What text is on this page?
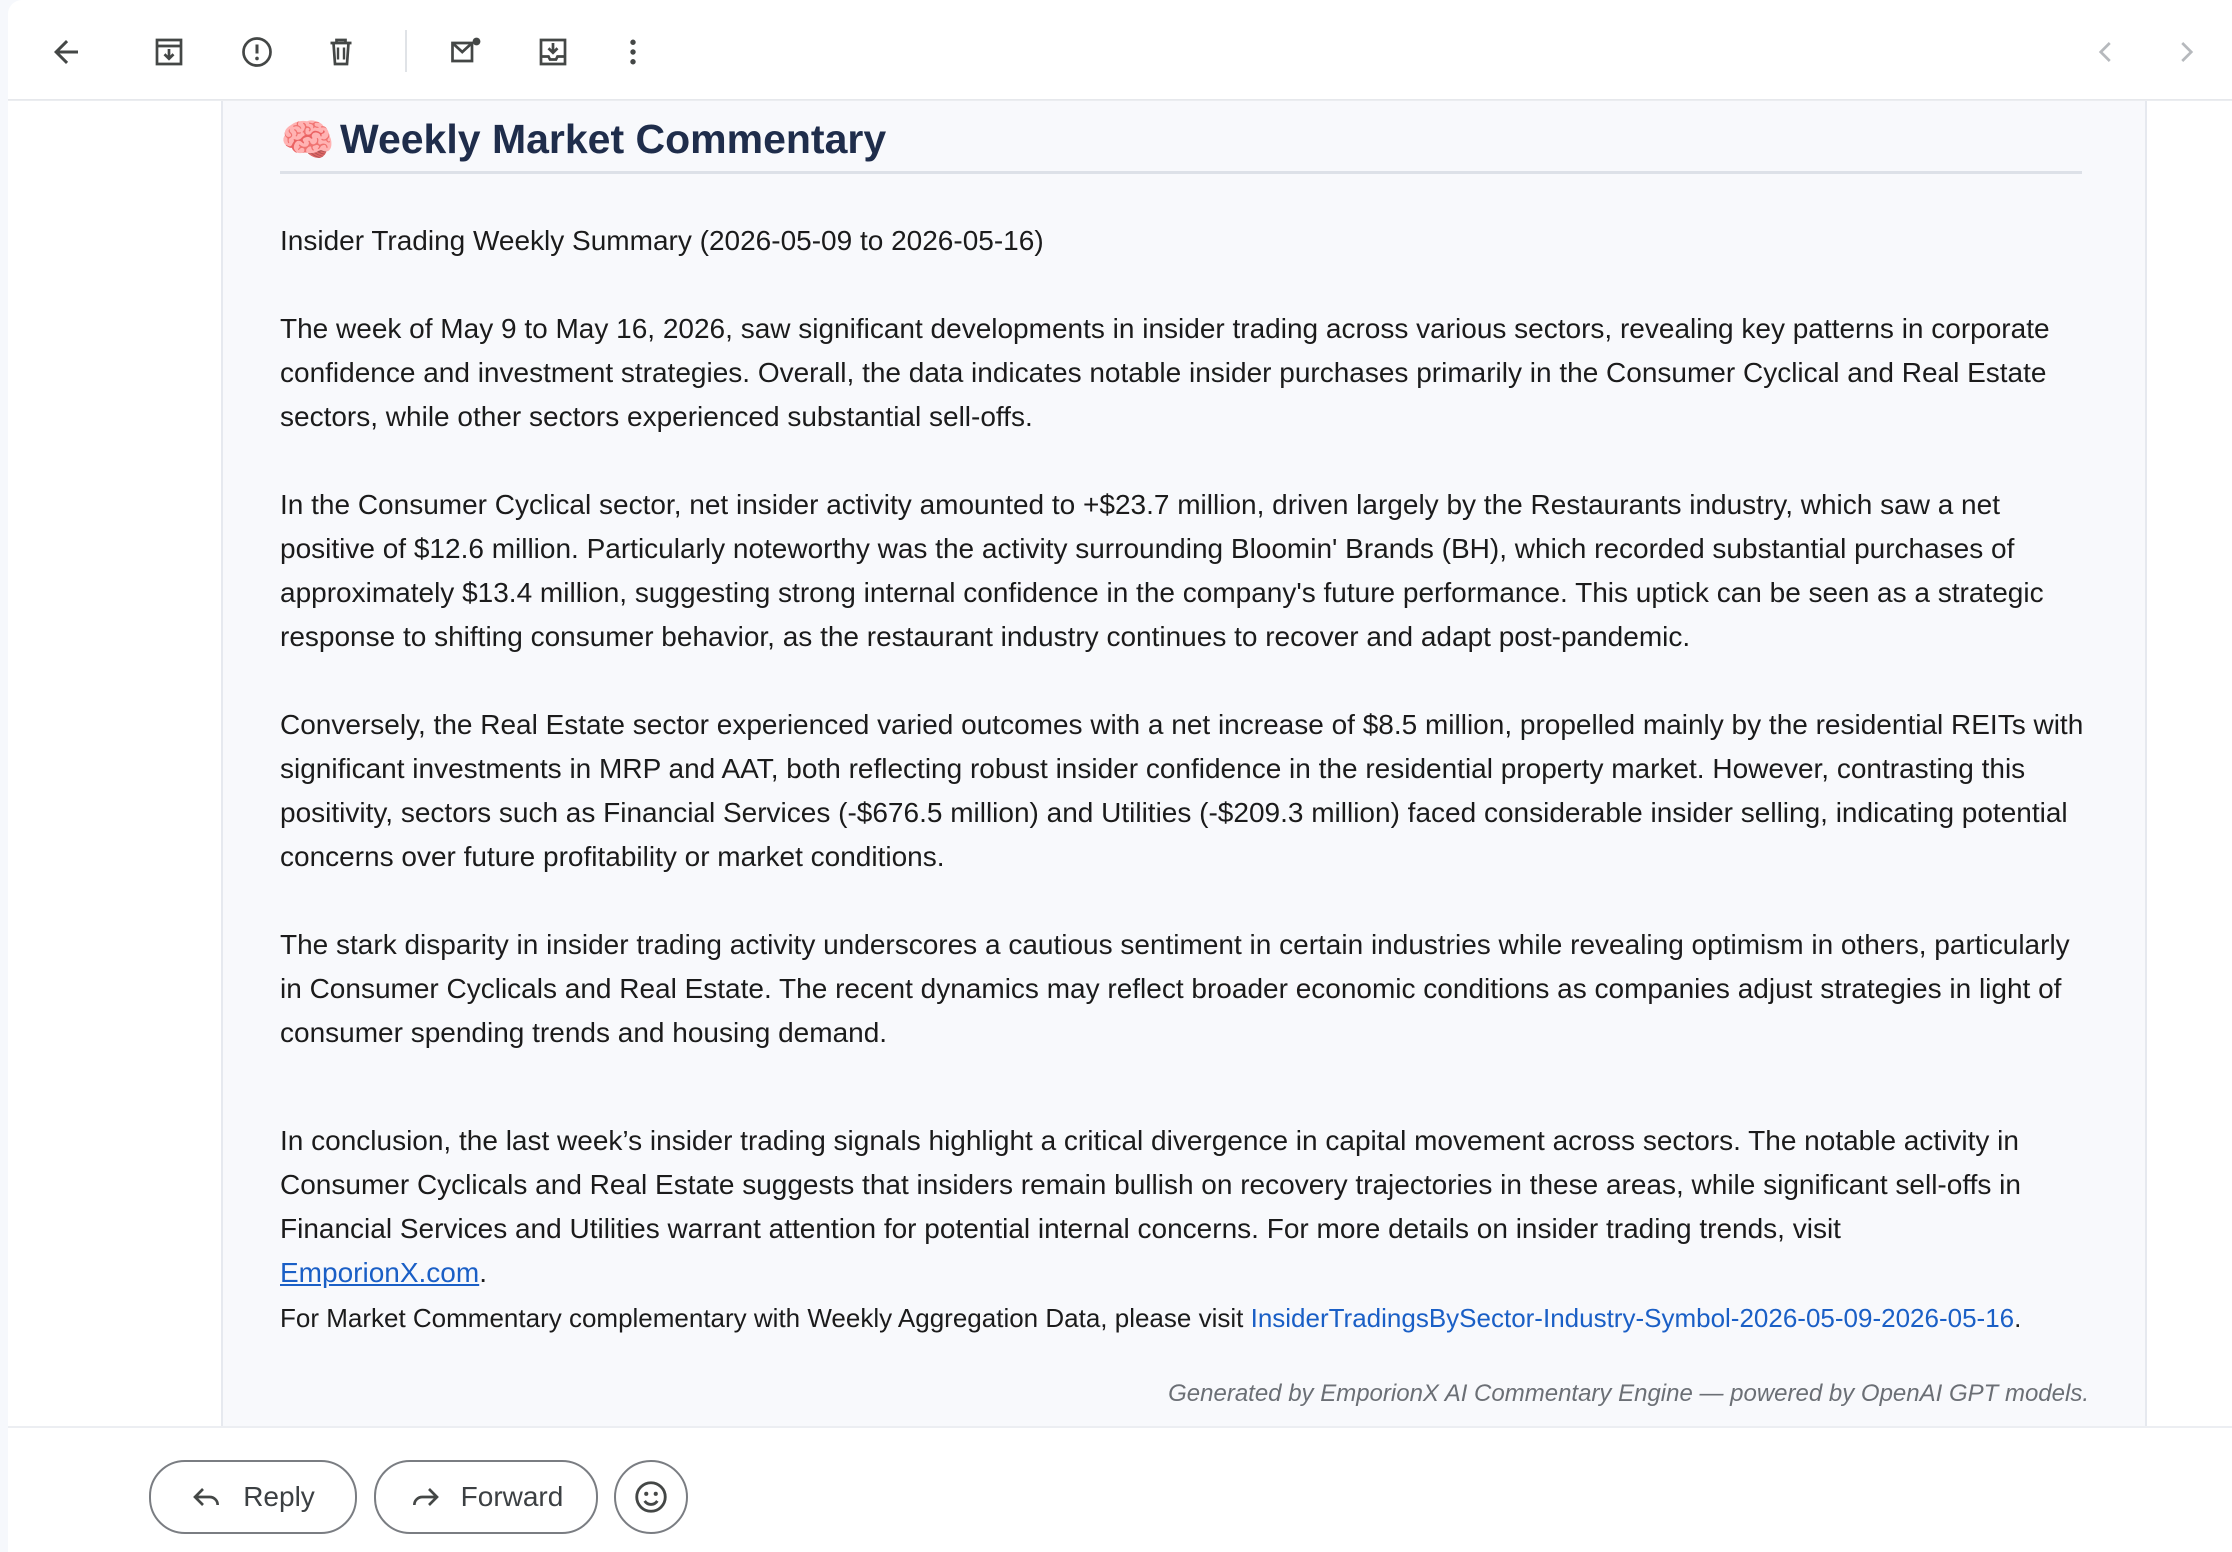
🧠 Weekly Market Commentary

Insider Trading Weekly Summary (2026-05-09 to 2026-05-16)

The week of May 9 to May 16, 2026, saw significant developments in insider trading across various sectors, revealing key patterns in corporate confidence and investment strategies. Overall, the data indicates notable insider purchases primarily in the Consumer Cyclical and Real Estate sectors, while other sectors experienced substantial sell-offs.

In the Consumer Cyclical sector, net insider activity amounted to +$23.7 million, driven largely by the Restaurants industry, which saw a net positive of $12.6 million. Particularly noteworthy was the activity surrounding Bloomin' Brands (BH), which recorded substantial purchases of approximately $13.4 million, suggesting strong internal confidence in the company's future performance. This uptick can be seen as a strategic response to shifting consumer behavior, as the restaurant industry continues to recover and adapt post-pandemic.

Conversely, the Real Estate sector experienced varied outcomes with a net increase of $8.5 million, propelled mainly by the residential REITs with significant investments in MRP and AAT, both reflecting robust insider confidence in the residential property market. However, contrasting this positivity, sectors such as Financial Services (-$676.5 million) and Utilities (-$209.3 million) faced considerable insider selling, indicating potential concerns over future profitability or market conditions.

The stark disparity in insider trading activity underscores a cautious sentiment in certain industries while revealing optimism in others, particularly in Consumer Cyclicals and Real Estate. The recent dynamics may reflect broader economic conditions as companies adjust strategies in light of consumer spending trends and housing demand.

In conclusion, the last week’s insider trading signals highlight a critical divergence in capital movement across sectors. The notable activity in Consumer Cyclicals and Real Estate suggests that insiders remain bullish on recovery trajectories in these areas, while significant sell-offs in Financial Services and Utilities warrant attention for potential internal concerns. For more details on insider trading trends, visit
EmporionX.com.
For Market Commentary complementary with Weekly Aggregation Data, please visit InsiderTradingsBySector-Industry-Symbol-2026-05-09-2026-05-16.
Generated by EmporionX AI Commentary Engine — powered by OpenAI GPT models.
Reply	Forward
